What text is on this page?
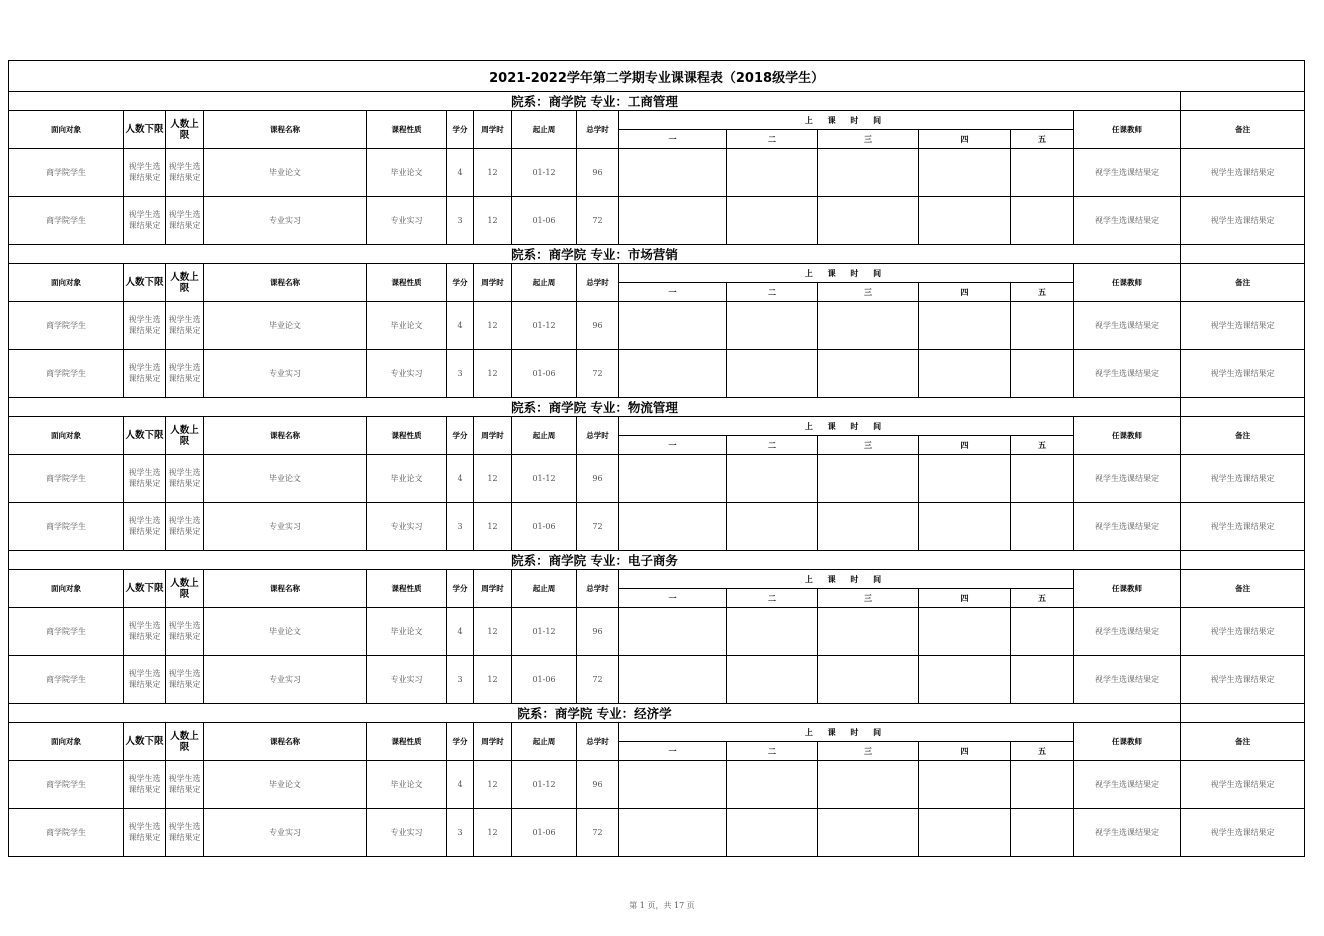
2021-2022学年第二学期专业课课程表（2018级学生）															
院系：商学院 专业：工商管理															
面向对象	人数下限	人数上限	课程名称	课程性质	学分	周学时	起止周	总学时	上 课 时 间					任课教师	备注
									一	二	三	四	五		
商学院学生	视学生选课结果定	视学生选课结果定	毕业论文	毕业论文	4	12	01-12	96						视学生选课结果定	视学生选课结果定
商学院学生	视学生选课结果定	视学生选课结果定	专业实习	专业实习	3	12	01-06	72						视学生选课结果定	视学生选课结果定
院系：商学院 专业：市场营销															
面向对象	人数下限	人数上限	课程名称	课程性质	学分	周学时	起止周	总学时	上 课 时 间					任课教师	备注
									一	二	三	四	五		
商学院学生	视学生选课结果定	视学生选课结果定	毕业论文	毕业论文	4	12	01-12	96						视学生选课结果定	视学生选课结果定
商学院学生	视学生选课结果定	视学生选课结果定	专业实习	专业实习	3	12	01-06	72						视学生选课结果定	视学生选课结果定
院系：商学院 专业：物流管理															
面向对象	人数下限	人数上限	课程名称	课程性质	学分	周学时	起止周	总学时	上 课 时 间					任课教师	备注
									一	二	三	四	五		
商学院学生	视学生选课结果定	视学生选课结果定	毕业论文	毕业论文	4	12	01-12	96						视学生选课结果定	视学生选课结果定
商学院学生	视学生选课结果定	视学生选课结果定	专业实习	专业实习	3	12	01-06	72						视学生选课结果定	视学生选课结果定
院系：商学院 专业：电子商务															
面向对象	人数下限	人数上限	课程名称	课程性质	学分	周学时	起止周	总学时	上 课 时 间					任课教师	备注
									一	二	三	四	五		
商学院学生	视学生选课结果定	视学生选课结果定	毕业论文	毕业论文	4	12	01-12	96						视学生选课结果定	视学生选课结果定
商学院学生	视学生选课结果定	视学生选课结果定	专业实习	专业实习	3	12	01-06	72						视学生选课结果定	视学生选课结果定
院系：商学院 专业：经济学															
面向对象	人数下限	人数上限	课程名称	课程性质	学分	周学时	起止周	总学时	上 课 时 间					任课教师	备注
									一	二	三	四	五		
商学院学生	视学生选课结果定	视学生选课结果定	毕业论文	毕业论文	4	12	01-12	96						视学生选课结果定	视学生选课结果定
商学院学生	视学生选课结果定	视学生选课结果定	专业实习	专业实习	3	12	01-06	72						视学生选课结果定	视学生选课结果定
第 1 页，共 17 页
